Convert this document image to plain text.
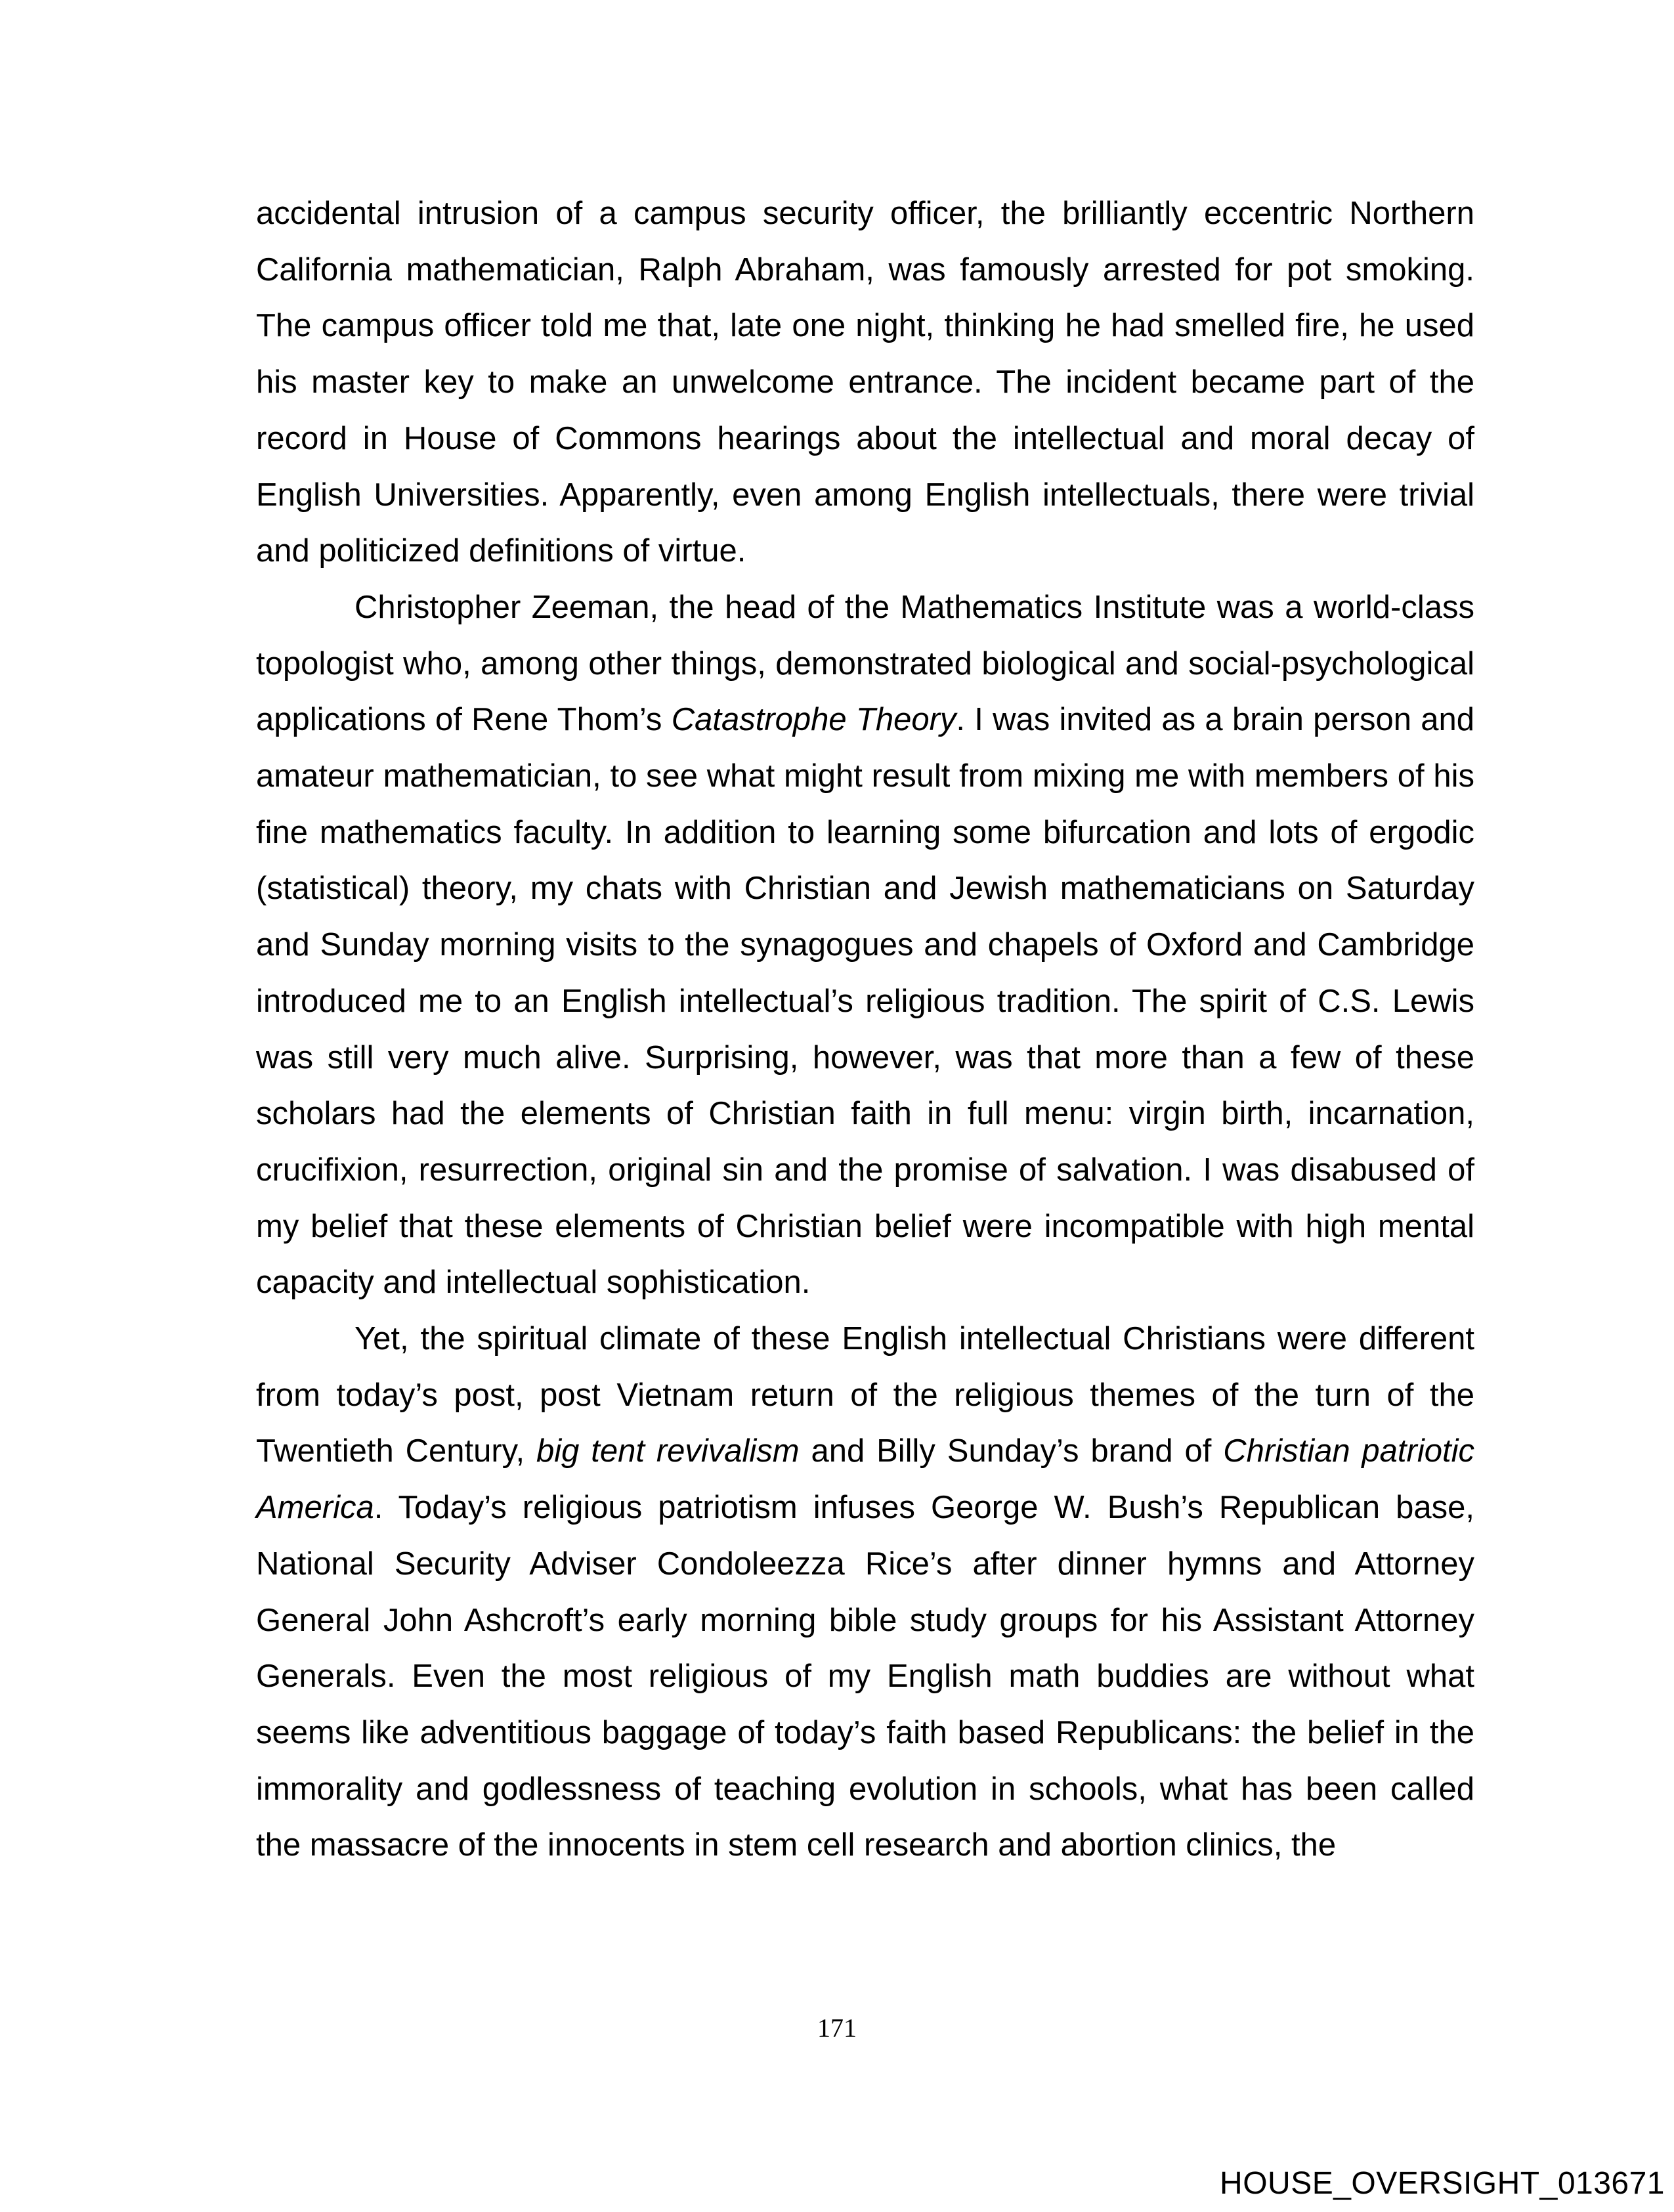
accidental intrusion of a campus security officer, the brilliantly eccentric Northern California mathematician, Ralph Abraham, was famously arrested for pot smoking. The campus officer told me that, late one night, thinking he had smelled fire, he used his master key to make an unwelcome entrance. The incident became part of the record in House of Commons hearings about the intellectual and moral decay of English Universities. Apparently, even among English intellectuals, there were trivial and politicized definitions of virtue.

Christopher Zeeman, the head of the Mathematics Institute was a world-class topologist who, among other things, demonstrated biological and social-psychological applications of Rene Thom’s Catastrophe Theory. I was invited as a brain person and amateur mathematician, to see what might result from mixing me with members of his fine mathematics faculty. In addition to learning some bifurcation and lots of ergodic (statistical) theory, my chats with Christian and Jewish mathematicians on Saturday and Sunday morning visits to the synagogues and chapels of Oxford and Cambridge introduced me to an English intellectual’s religious tradition. The spirit of C.S. Lewis was still very much alive. Surprising, however, was that more than a few of these scholars had the elements of Christian faith in full menu: virgin birth, incarnation, crucifixion, resurrection, original sin and the promise of salvation. I was disabused of my belief that these elements of Christian belief were incompatible with high mental capacity and intellectual sophistication.

Yet, the spiritual climate of these English intellectual Christians were different from today’s post, post Vietnam return of the religious themes of the turn of the Twentieth Century, big tent revivalism and Billy Sunday’s brand of Christian patriotic America. Today’s religious patriotism infuses George W. Bush’s Republican base, National Security Adviser Condoleezza Rice’s after dinner hymns and Attorney General John Ashcroft’s early morning bible study groups for his Assistant Attorney Generals. Even the most religious of my English math buddies are without what seems like adventitious baggage of today’s faith based Republicans: the belief in the immorality and godlessness of teaching evolution in schools, what has been called the massacre of the innocents in stem cell research and abortion clinics, the

171
HOUSE_OVERSIGHT_013671
